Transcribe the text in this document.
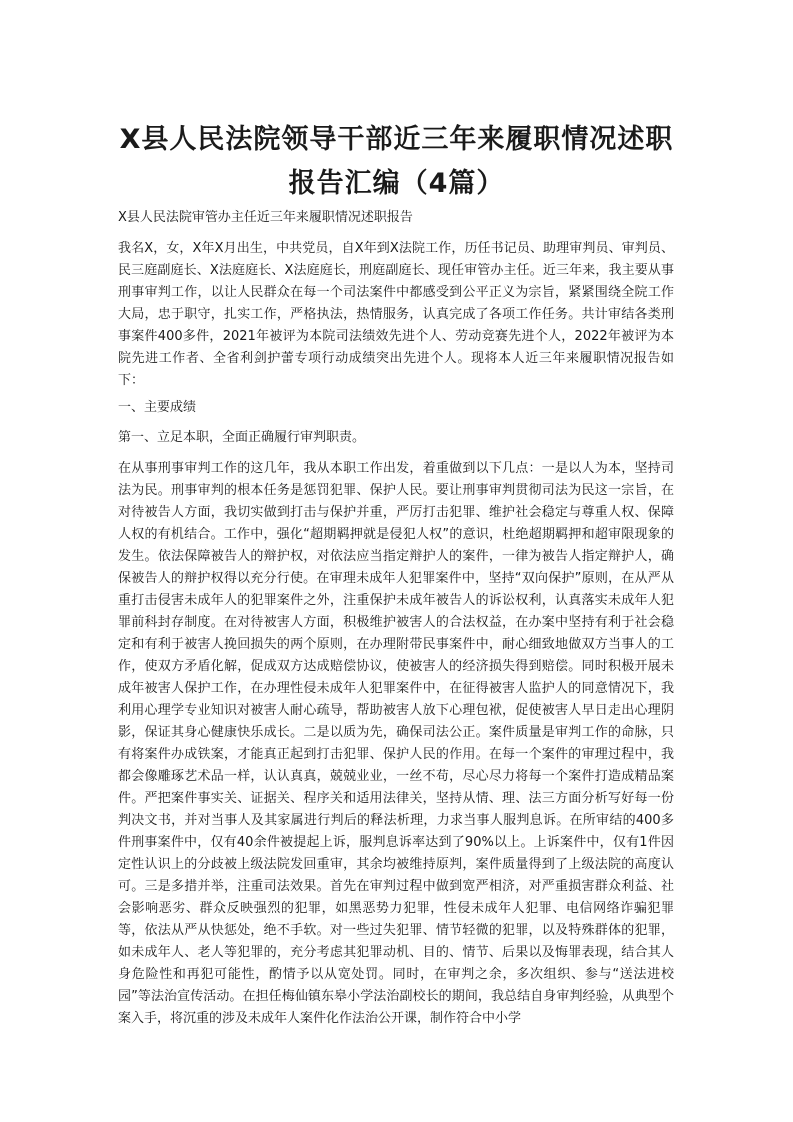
X县人民法院领导干部近三年来履职情况述职报告汇编（4篇）
X县人民法院审管办主任近三年来履职情况述职报告

我名X，女，X年X月出生，中共党员，自X年到X法院工作，历任书记员、助理审判员、审判员、民三庭副庭长、X法庭庭长、X法庭庭长，刑庭副庭长、现任审管办主任。近三年来，我主要从事刑事审判工作，以让人民群众在每一个司法案件中都感受到公平正义为宗旨，紧紧围绕全院工作大局，忠于职守，扎实工作，严格执法，热情服务，认真完成了各项工作任务。共计审结各类刑事案件400多件，2021年被评为本院司法绩效先进个人、劳动竞赛先进个人，2022年被评为本院先进工作者、全省利剑护蕾专项行动成绩突出先进个人。现将本人近三年来履职情况报告如下：

一、主要成绩

第一、立足本职，全面正确履行审判职责。

在从事刑事审判工作的这几年，我从本职工作出发，着重做到以下几点：一是以人为本，坚持司法为民。刑事审判的根本任务是惩罚犯罪、保护人民。要让刑事审判贯彻司法为民这一宗旨，在对待被告人方面，我切实做到打击与保护并重，严厉打击犯罪、维护社会稳定与尊重人权、保障人权的有机结合。工作中，强化“超期羁押就是侵犯人权”的意识，杜绝超期羁押和超审限现象的发生。依法保障被告人的辩护权，对依法应当指定辩护人的案件，一律为被告人指定辩护人，确保被告人的辩护权得以充分行使。在审理未成年人犯罪案件中，坚持“双向保护”原则，在从严从重打击侵害未成年人的犯罪案件之外，注重保护未成年被告人的诉讼权利，认真落实未成年人犯罪前科封存制度。在对待被害人方面，积极维护被害人的合法权益，在办案中坚持有利于社会稳定和有利于被害人挽回损失的两个原则，在办理附带民事案件中，耐心细致地做双方当事人的工作，使双方矛盾化解，促成双方达成赔偿协议，使被害人的经济损失得到赔偿。同时积极开展未成年被害人保护工作，在办理性侵未成年人犯罪案件中，在征得被害人监护人的同意情况下，我利用心理学专业知识对被害人耐心疏导，帮助被害人放下心理包袱，促使被害人早日走出心理阴影，保证其身心健康快乐成长。二是以质为先，确保司法公正。案件质量是审判工作的命脉，只有将案件办成铁案，才能真正起到打击犯罪、保护人民的作用。在每一个案件的审理过程中，我都会像雕琢艺术品一样，认认真真，兢兢业业，一丝不苟，尽心尽力将每一个案件打造成精品案件。严把案件事实关、证据关、程序关和适用法律关，坚持从情、理、法三方面分析写好每一份判决文书，并对当事人及其家属进行判后的释法析理，力求当事人服判息诉。在所审结的400多件刑事案件中，仅有40余件被提起上诉，服判息诉率达到了90%以上。上诉案件中，仅有1件因定性认识上的分歧被上级法院发回重审，其余均被维持原判，案件质量得到了上级法院的高度认可。三是多措并举，注重司法效果。首先在审判过程中做到宽严相济，对严重损害群众利益、社会影响恶劣、群众反映强烈的犯罪，如黑恶势力犯罪，性侵未成年人犯罪、电信网络诈骗犯罪等，依法从严从快惩处，绝不手软。对一些过失犯罪、情节轻微的犯罪，以及特殊群体的犯罪，如未成年人、老人等犯罪的，充分考虑其犯罪动机、目的、情节、后果以及悔罪表现，结合其人身危险性和再犯可能性，酌情予以从宽处罚。同时，在审判之余，多次组织、参与“送法进校园”等法治宣传活动。在担任梅仙镇东皋小学法治副校长的期间，我总结自身审判经验，从典型个案入手，将沉重的涉及未成年人案件化作法治公开课，制作符合中小学
